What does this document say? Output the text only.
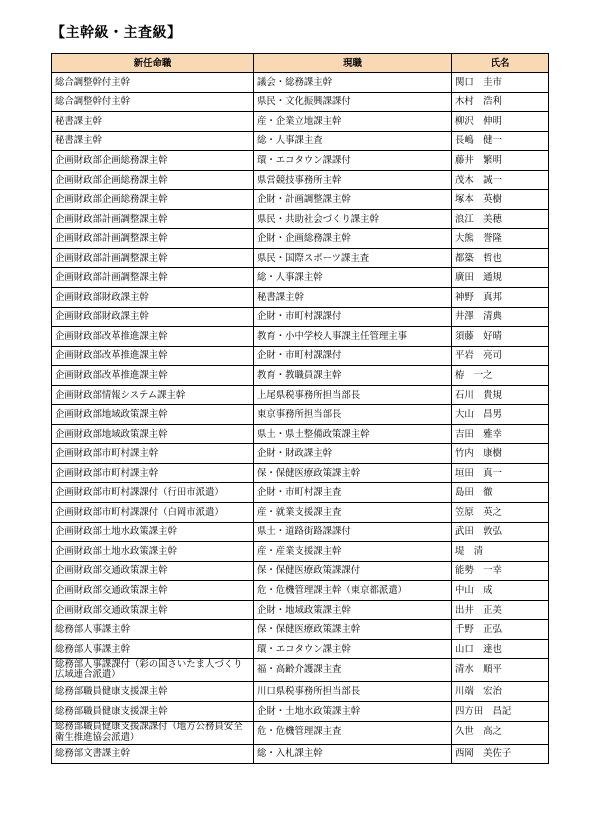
【主幹級・主査級】
新任命職	現職	氏名
総合調整幹付主幹	議会・総務課主幹	関口　圭市
総合調整幹付主幹	県民・文化振興課課付	木村　浩利
秘書課主幹	産・企業立地課主幹	柳沢　伸明
秘書課主幹	総・人事課主査	長嶋　健一
企画財政部企画総務課主幹	環・エコタウン課課付	藤井　繁明
企画財政部企画総務課主幹	県営競技事務所主幹	茂木　誠一
企画財政部企画総務課主幹	企財・計画調整課主幹	塚本　英樹
企画財政部計画調整課主幹	県民・共助社会づくり課主幹	浪江　美穂
企画財政部計画調整課主幹	企財・企画総務課主幹	大熊　誉隆
企画財政部計画調整課主幹	県民・国際スポーツ課主査	都築　哲也
企画財政部計画調整課主幹	総・人事課主幹	廣田　通規
企画財政部財政課主幹	秘書課主幹	神野　真邦
企画財政部財政課主幹	企財・市町村課課付	井澤　清典
企画財政部改革推進課主幹	教育・小中学校人事課主任管理主事	須藤　好晴
企画財政部改革推進課主幹	企財・市町村課課付	平岩　亮司
企画財政部改革推進課主幹	教育・教職員課主幹	栫　一之
企画財政部情報システム課主幹	上尾県税事務所担当部長	石川　貴規
企画財政部地域政策課主幹	東京事務所担当部長	大山　昌男
企画財政部地域政策課主幹	県土・県土整備政策課主幹	吉田　雅幸
企画財政部市町村課主幹	企財・財政課主幹	竹内　康樹
企画財政部市町村課主幹	保・保健医療政策課主幹	垣田　真一
企画財政部市町村課課付（行田市派遣）	企財・市町村課主査	島田　徹
企画財政部市町村課課付（白岡市派遣）	産・就業支援課主査	笠原　英之
企画財政部土地水政策課主幹	県土・道路街路課課付	武田　敦弘
企画財政部土地水政策課主幹	産・産業支援課主幹	堤　清
企画財政部交通政策課主幹	保・保健医療政策課課付	能勢　一幸
企画財政部交通政策課主幹	危・危機管理課主幹（東京都派遣）	中山　成
企画財政部交通政策課主幹	企財・地域政策課主幹	出井　正美
総務部人事課主幹	保・保健医療政策課主幹	千野　正弘
総務部人事課主幹	環・エコタウン課主幹	山口　達也
総務部人事課課付（彩の国さいたま人づくり広域連合派遣）	福・高齢介護課主査	清水　順平
総務部職員健康支援課主幹	川口県税事務所担当部長	川端　宏治
総務部職員健康支援課主幹	企財・土地水政策課主幹	四方田　昌記
総務部職員健康支援課課付（地方公務員安全衛生推進協会派遣）	危・危機管理課主査	久世　高之
総務部文書課主幹	総・入札課主幹	西岡　美佐子
